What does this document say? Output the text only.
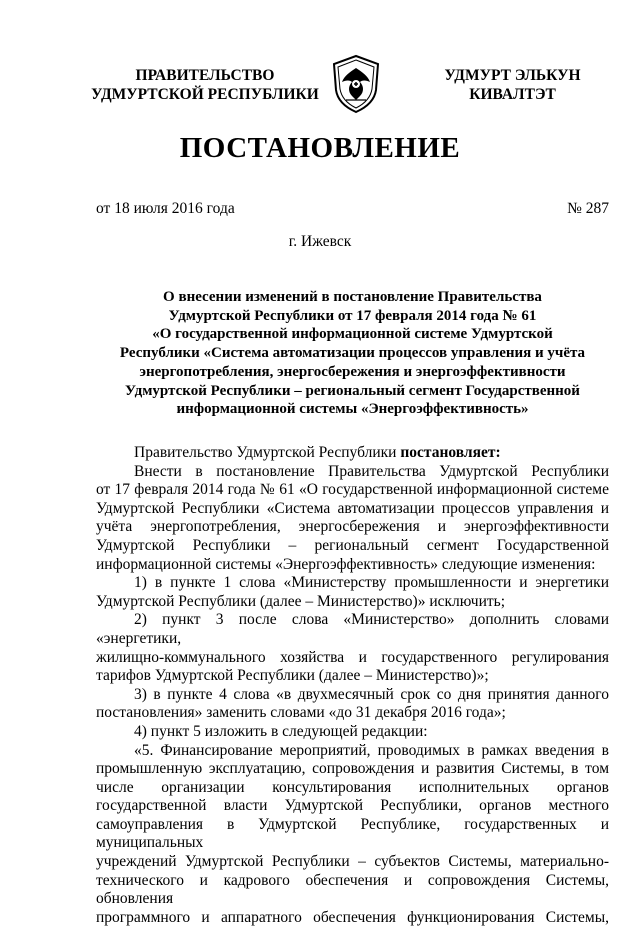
ПРАВИТЕЛЬСТВО
УДМУРТСКОЙ РЕСПУБЛИКИ
УДМУРТ ЭЛЬКУН
КИВАЛТЭТ
ПОСТАНОВЛЕНИЕ
от 18 июля 2016 года	№ 287
г. Ижевск
О внесении изменений в постановление Правительства
Удмуртской Республики от 17 февраля 2014 года № 61
«О государственной информационной системе Удмуртской
Республики «Система автоматизации процессов управления и учёта
энергопотребления, энергосбережения и энергоэффективности
Удмуртской Республики – региональный сегмент Государственной
информационной системы «Энергоэффективность»
Правительство Удмуртской Республики постановляет:
Внести в постановление Правительства Удмуртской Республики
от 17 февраля 2014 года № 61 «О государственной информационной системе
Удмуртской Республики «Система автоматизации процессов управления и
учёта энергопотребления, энергосбережения и энергоэффективности
Удмуртской Республики – региональный сегмент Государственной
информационной системы «Энергоэффективность» следующие изменения:
1) в пункте 1 слова «Министерству промышленности и энергетики
Удмуртской Республики (далее – Министерство)» исключить;
2) пункт 3 после слова «Министерство» дополнить словами «энергетики,
жилищно-коммунального хозяйства и государственного регулирования
тарифов Удмуртской Республики (далее – Министерство)»;
3) в пункте 4 слова «в двухмесячный срок со дня принятия данного
постановления» заменить словами «до 31 декабря 2016 года»;
4) пункт 5 изложить в следующей редакции:
«5. Финансирование мероприятий, проводимых в рамках введения в
промышленную эксплуатацию, сопровождения и развития Системы, в том
числе организации консультирования исполнительных органов
государственной власти Удмуртской Республики, органов местного
самоуправления в Удмуртской Республике, государственных и муниципальных
учреждений Удмуртской Республики – субъектов Системы, материально-
технического и кадрового обеспечения и сопровождения Системы, обновления
программного и аппаратного обеспечения функционирования Системы,
